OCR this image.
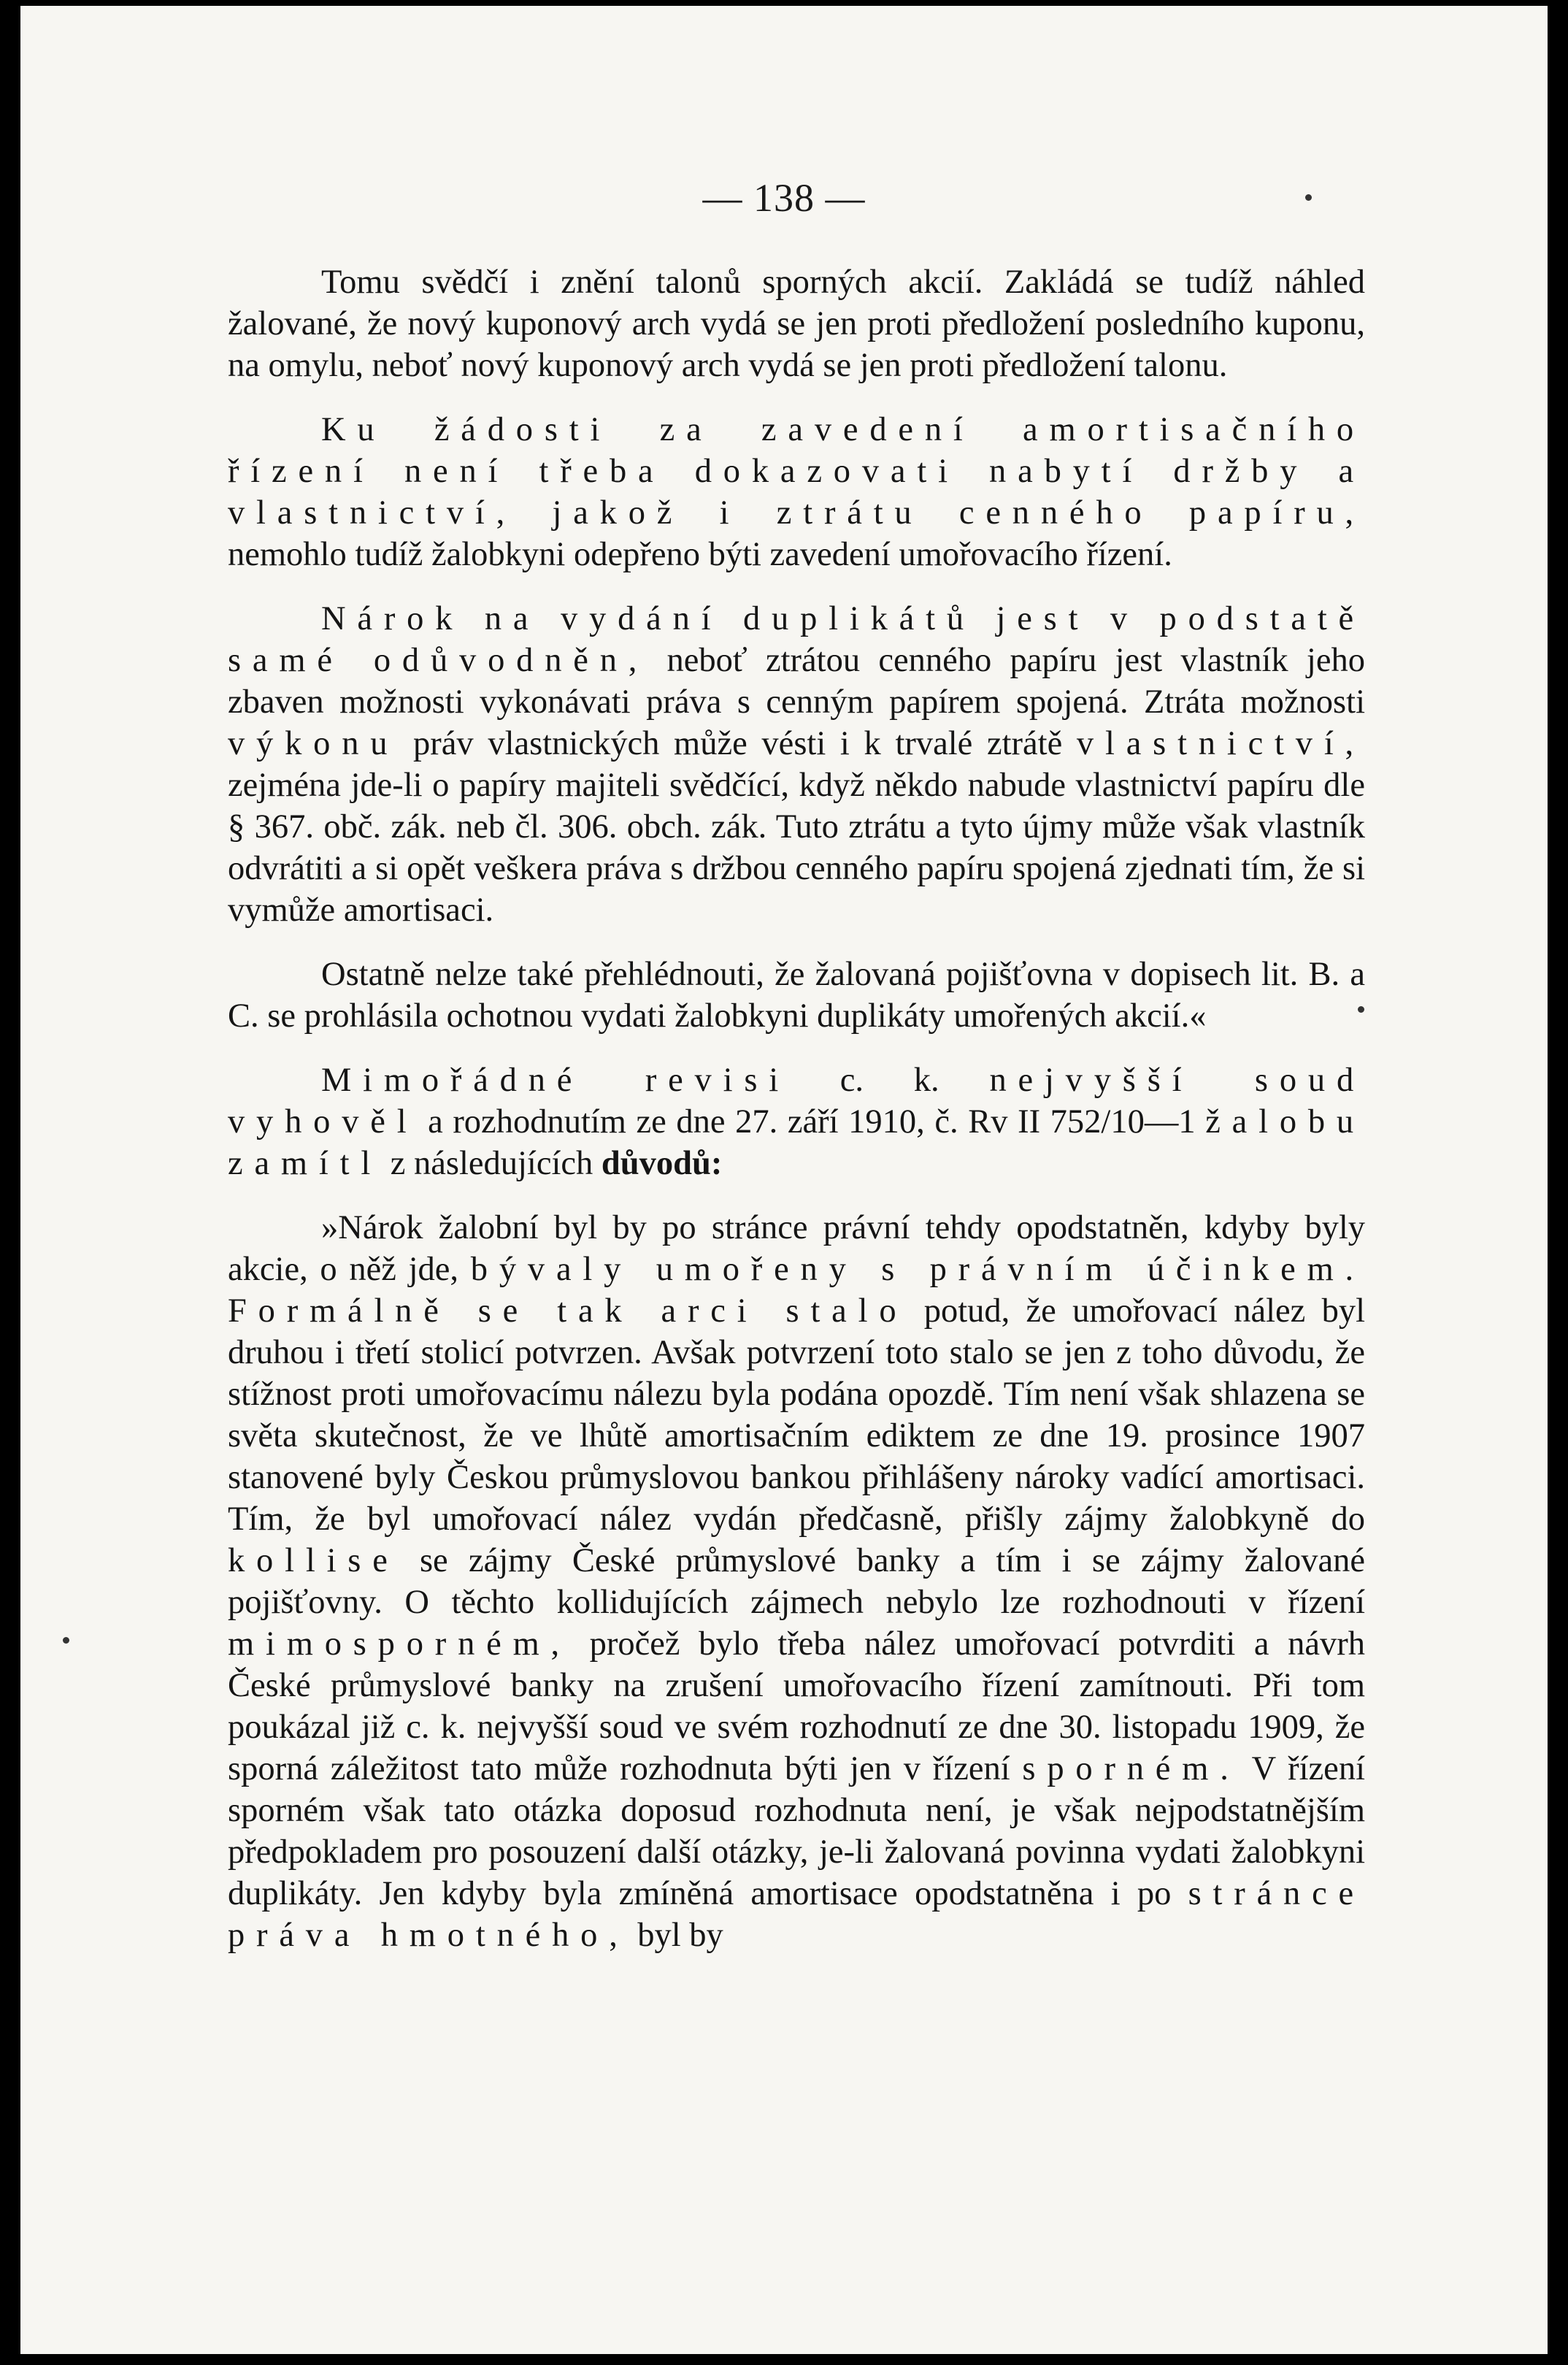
— 138 —

Tomu svědčí i znění talonů sporných akcií. Zakládá se tudíž náhled žalované, že nový kuponový arch vydá se jen proti předložení posledního kuponu, na omylu, neboť nový kuponový arch vydá se jen proti předložení talonu.

Ku žádosti za zavedení amortisačního řízení není třeba dokazovati nabytí držby a vlastnictví, jakož i ztrátu cenného papíru, nemohlo tudíž žalobkyni odepřeno býti zavedení umořovacího řízení.

Nárok na vydání duplikátů jest v podstatě samé odůvodněn, neboť ztrátou cenného papíru jest vlastník jeho zbaven možnosti vykonávati práva s cenným papírem spojená. Ztráta možnosti výkonu práv vlastnických může vésti i k trvalé ztrátě vlastnictví, zejména jde-li o papíry majiteli svědčící, když někdo nabude vlastnictví papíru dle § 367. obč. zák. neb čl. 306. obch. zák. Tuto ztrátu a tyto újmy může však vlastník odvrátiti a si opět veškera práva s držbou cenného papíru spojená zjednati tím, že si vymůže amortisaci.

Ostatně nelze také přehlédnouti, že žalovaná pojišťovna v dopisech lit. B. a C. se prohlásila ochotnou vydati žalobkyni duplikáty umořených akcií.«

Mimořádné revisi c. k. nejvyšší soud vyhověl a rozhodnutím ze dne 27. září 1910, č. Rv II 752/10—1 žalobu zamítl z následujících důvodů:

»Nárok žalobní byl by po stránce právní tehdy opodstatněn, kdyby byly akcie, o něž jde, bývaly umořeny s právním účinkem. Formálně se tak arci stalo potud, že umořovací nález byl druhou i třetí stolicí potvrzen. Avšak potvrzení toto stalo se jen z toho důvodu, že stížnost proti umořovacímu nálezu byla podána opozdě. Tím není však shlazena se světa skutečnost, že ve lhůtě amortisačním ediktem ze dne 19. prosince 1907 stanovené byly Českou průmyslovou bankou přihlášeny nároky vadící amortisaci. Tím, že byl umořovací nález vydán předčasně, přišly zájmy žalobkyně do kollise se zájmy České průmyslové banky a tím i se zájmy žalované pojišťovny. O těchto kollidujících zájmech nebylo lze rozhodnouti v řízení mimosporném, pročež bylo třeba nález umořovací potvrditi a návrh České průmyslové banky na zrušení umořovacího řízení zamítnouti. Při tom poukázal již c. k. nejvyšší soud ve svém rozhodnutí ze dne 30. listopadu 1909, že sporná záležitost tato může rozhodnuta býti jen v řízení sporném. V řízení sporném však tato otázka doposud rozhodnuta není, je však nejpodstatnějším předpokladem pro posouzení další otázky, je-li žalovaná povinna vydati žalobkyni duplikáty. Jen kdyby byla zmíněná amortisace opodstatněna i po stránce práva hmotného, byl by
